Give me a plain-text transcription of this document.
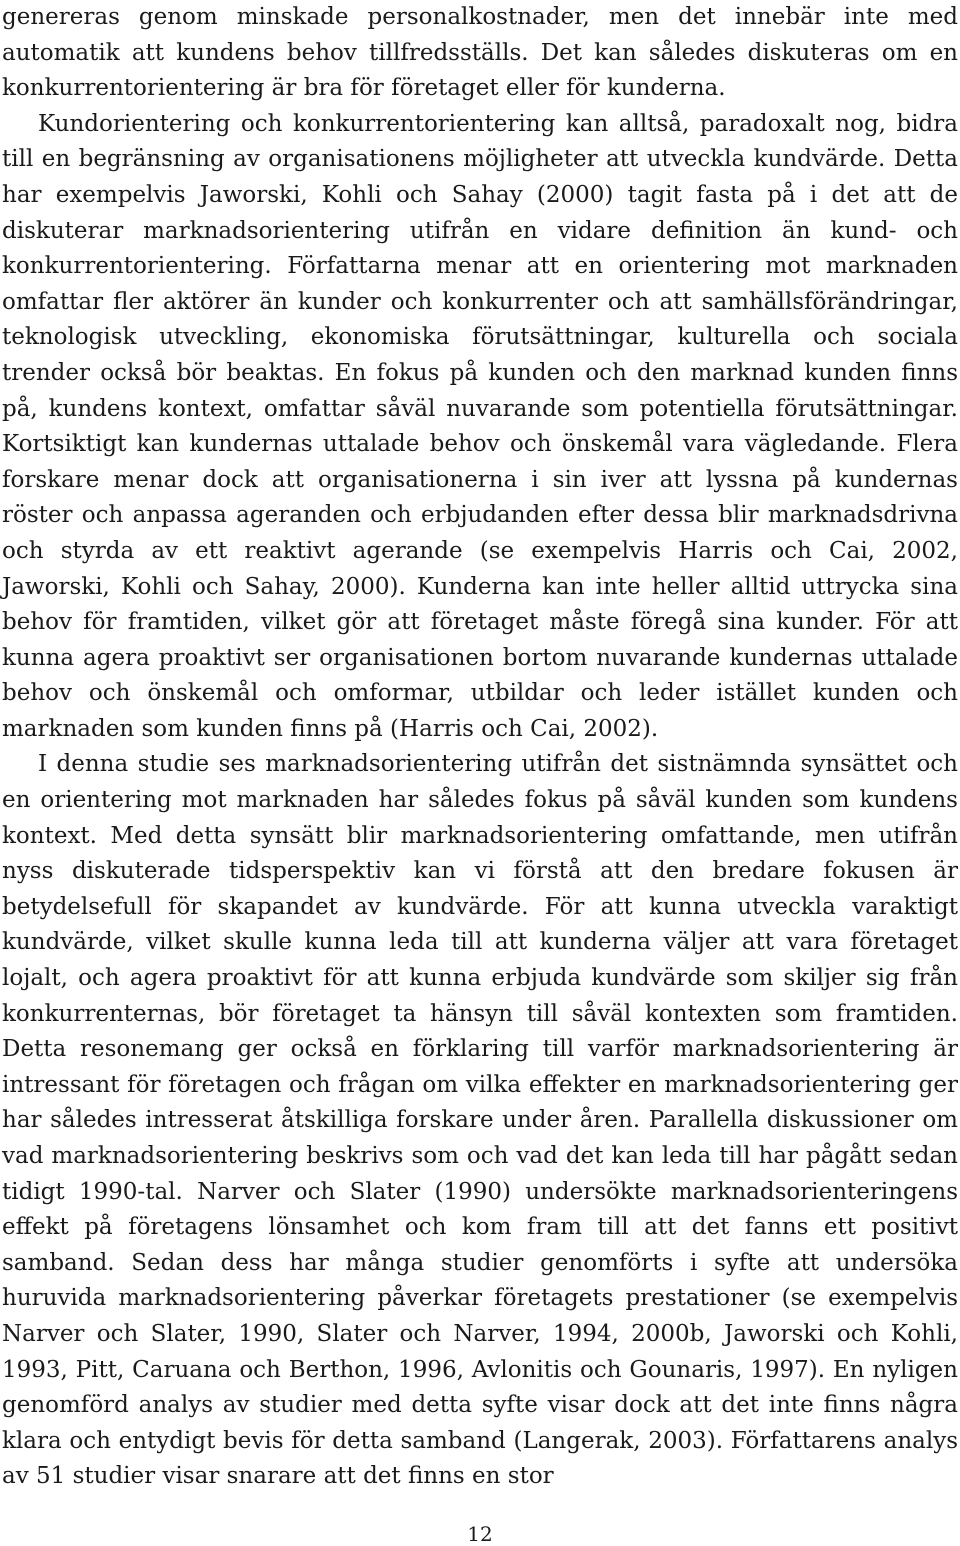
genereras genom minskade personalkostnader, men det innebär inte med automatik att kundens behov tillfredsställs. Det kan således diskuteras om en konkurrentorientering är bra för företaget eller för kunderna.

Kundorientering och konkurrentorientering kan alltså, paradoxalt nog, bidra till en begränsning av organisationens möjligheter att utveckla kundvärde. Detta har exempelvis Jaworski, Kohli och Sahay (2000) tagit fasta på i det att de diskuterar marknadsorientering utifrån en vidare definition än kund- och konkurrentorientering. Författarna menar att en orientering mot marknaden omfattar fler aktörer än kunder och konkurrenter och att samhällsförändringar, teknologisk utveckling, ekonomiska förutsättningar, kulturella och sociala trender också bör beaktas. En fokus på kunden och den marknad kunden finns på, kundens kontext, omfattar såväl nuvarande som potentiella förutsättningar. Kortsiktigt kan kundernas uttalade behov och önskemål vara vägledande. Flera forskare menar dock att organisationerna i sin iver att lyssna på kundernas röster och anpassa ageranden och erbjudanden efter dessa blir marknadsdrivna och styrda av ett reaktivt agerande (se exempelvis Harris och Cai, 2002, Jaworski, Kohli och Sahay, 2000). Kunderna kan inte heller alltid uttrycka sina behov för framtiden, vilket gör att företaget måste föregå sina kunder. För att kunna agera proaktivt ser organisationen bortom nuvarande kundernas uttalade behov och önskemål och omformar, utbildar och leder istället kunden och marknaden som kunden finns på (Harris och Cai, 2002).

I denna studie ses marknadsorientering utifrån det sistnämnda synsättet och en orientering mot marknaden har således fokus på såväl kunden som kundens kontext. Med detta synsätt blir marknadsorientering omfattande, men utifrån nyss diskuterade tidsperspektiv kan vi förstå att den bredare fokusen är betydelsefull för skapandet av kundvärde. För att kunna utveckla varaktigt kundvärde, vilket skulle kunna leda till att kunderna väljer att vara företaget lojalt, och agera proaktivt för att kunna erbjuda kundvärde som skiljer sig från konkurrenternas, bör företaget ta hänsyn till såväl kontexten som framtiden. Detta resonemang ger också en förklaring till varför marknadsorientering är intressant för företagen och frågan om vilka effekter en marknadsorientering ger har således intresserat åtskilliga forskare under åren. Parallella diskussioner om vad marknadsorientering beskrivs som och vad det kan leda till har pågått sedan tidigt 1990-tal. Narver och Slater (1990) undersökte marknadsorienteringens effekt på företagens lönsamhet och kom fram till att det fanns ett positivt samband. Sedan dess har många studier genomförts i syfte att undersöka huruvida marknadsorientering påverkar företagets prestationer (se exempelvis Narver och Slater, 1990, Slater och Narver, 1994, 2000b, Jaworski och Kohli, 1993, Pitt, Caruana och Berthon, 1996, Avlonitis och Gounaris, 1997). En nyligen genomförd analys av studier med detta syfte visar dock att det inte finns några klara och entydigt bevis för detta samband (Langerak, 2003). Författarens analys av 51 studier visar snarare att det finns en stor

12
